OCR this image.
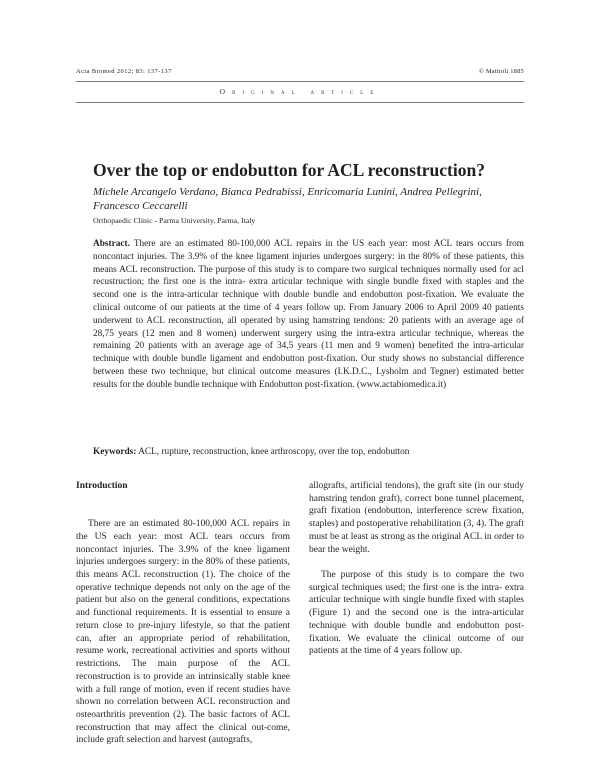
Acta Biomed 2012; 83: 137-137	© Mattioli 1885
Original article
Over the top or endobutton for ACL reconstruction?
Michele Arcangelo Verdano, Bianca Pedrabissi, Enricomaria Lunini, Andrea Pellegrini, Francesco Ceccarelli
Orthopaedic Clinic - Parma University, Parma, Italy
Abstract. There are an estimated 80-100,000 ACL repairs in the US each year: most ACL tears occurs from noncontact injuries. The 3.9% of the knee ligament injuries undergoes surgery: in the 80% of these patients, this means ACL reconstruction. The purpose of this study is to compare two surgical techniques normally used for acl recustruction; the first one is the intra- extra articular technique with single bundle fixed with staples and the second one is the intra-articular technique with double bundle and endobutton post-fixation. We evaluate the clinical outcome of our patients at the time of 4 years follow up. From January 2006 to April 2009 40 patients underwent to ACL reconstruction, all operated by using hamstring tendons: 20 patients with an average age of 28,75 years (12 men and 8 women) underwent surgery using the intra-extra articular technique, whereas the remaining 20 patients with an average age of 34,5 years (11 men and 9 women) benefited the intra-articular technique with double bundle ligament and endobutton post-fixation. Our study shows no substancial difference between these two technique, but clinical outcome measures (I.K.D.C., Lysholm and Tegner) estimated better results for the double bundle technique with Endobutton post-fixation. (www.actabiomedica.it)
Keywords: ACL, rupture, reconstruction, knee arthroscopy, over the top, endobutton
Introduction

There are an estimated 80-100,000 ACL repairs in the US each year: most ACL tears occurs from noncontact injuries. The 3.9% of the knee ligament injuries undergoes surgery: in the 80% of these patients, this means ACL reconstruction (1). The choice of the operative technique depends not only on the age of the patient but also on the general conditions, expectations and functional requirements. It is essential to ensure a return close to pre-injury lifestyle, so that the patient can, after an appropriate period of rehabilitation, resume work, recreational activities and sports without restrictions. The main purpose of the ACL reconstruction is to provide an intrinsically stable knee with a full range of motion, even if recent studies have shown no correlation between ACL reconstruction and osteoarthritis prevention (2). The basic factors of ACL reconstruction that may affect the clinical out-come, include graft selection and harvest (autografts,

allografts, artificial tendons), the graft site (in our study hamstring tendon graft), correct bone tunnel placement, graft fixation (endobutton, interference screw fixation, staples) and postoperative rehabilitation (3, 4). The graft must be at least as strong as the original ACL in order to bear the weight.

The purpose of this study is to compare the two surgical techniques used; the first one is the intra- extra articular technique with single bundle fixed with staples (Figure 1) and the second one is the intra-articular technique with double bundle and endobutton post-fixation. We evaluate the clinical outcome of our patients at the time of 4 years follow up.
